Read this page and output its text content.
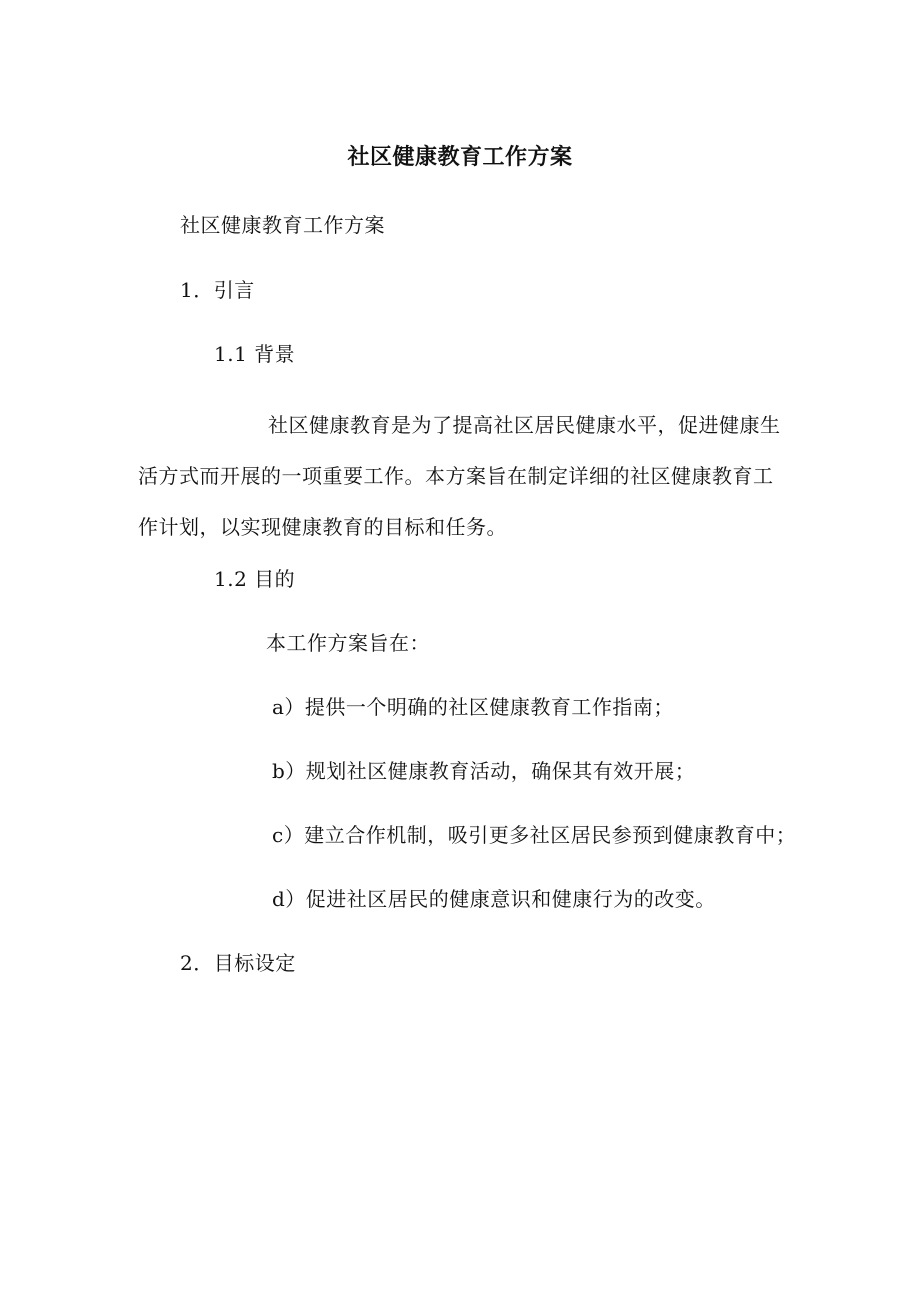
社区健康教育工作方案
社区健康教育工作方案
1．引言
1.1 背景

社区健康教育是为了提高社区居民健康水平，促进健康生活方式而开展的一项重要工作。本方案旨在制定详细的社区健康教育工作计划，以实现健康教育的目标和任务。

1.2 目的
本工作方案旨在：
a）提供一个明确的社区健康教育工作指南；
b）规划社区健康教育活动，确保其有效开展；
c）建立合作机制，吸引更多社区居民参预到健康教育中；
d）促进社区居民的健康意识和健康行为的改变。
2．目标设定
